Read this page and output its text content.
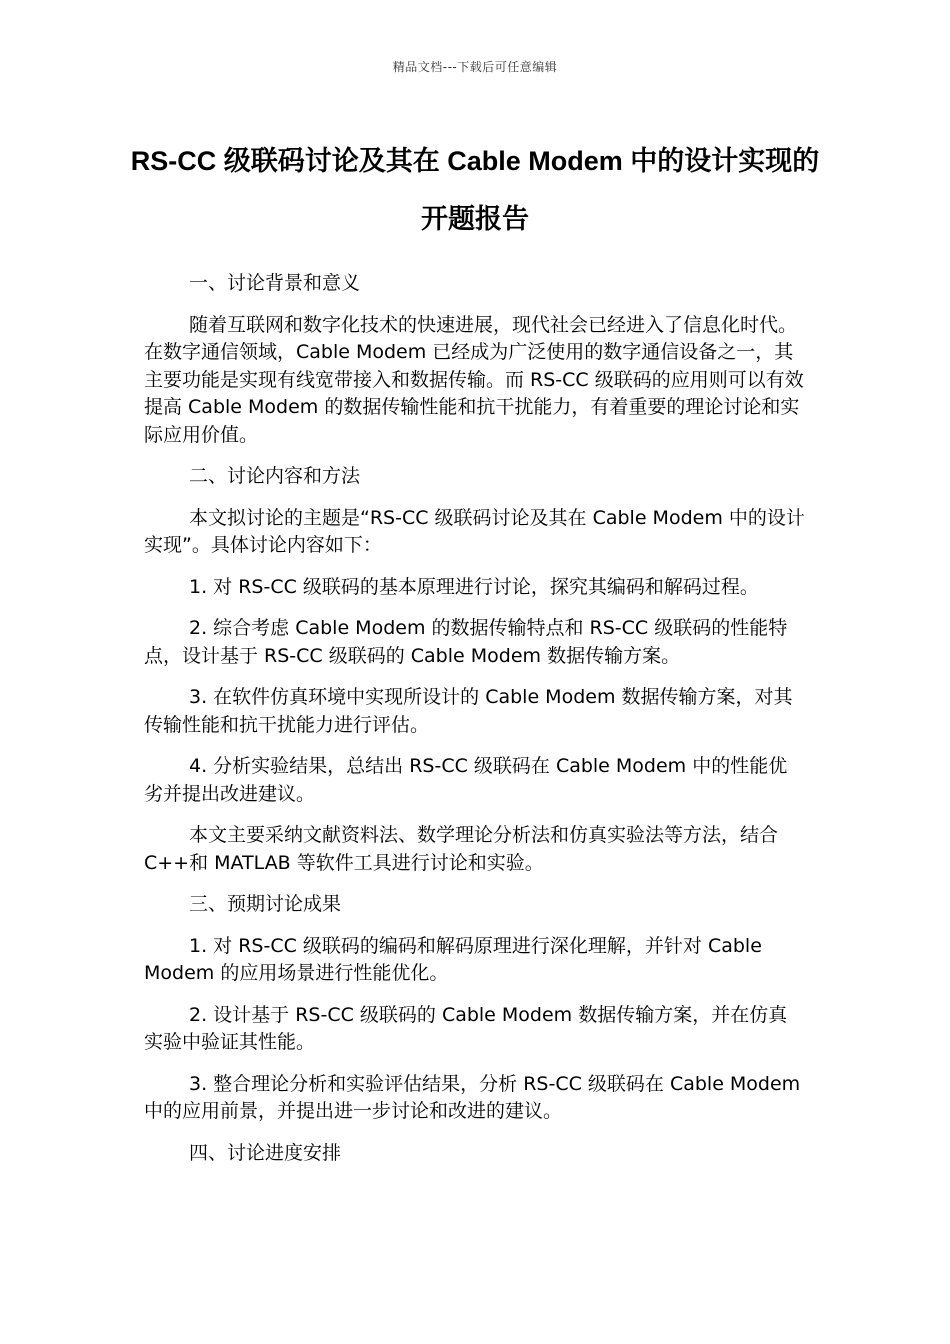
精品文档---下载后可任意编辑
RS-CC 级联码讨论及其在 Cable Modem 中的设计实现的开题报告

一、讨论背景和意义

随着互联网和数字化技术的快速进展，现代社会已经进入了信息化时代。在数字通信领域，Cable Modem 已经成为广泛使用的数字通信设备之一，其主要功能是实现有线宽带接入和数据传输。而 RS-CC 级联码的应用则可以有效提高 Cable Modem 的数据传输性能和抗干扰能力，有着重要的理论讨论和实际应用价值。

二、讨论内容和方法

本文拟讨论的主题是“RS-CC 级联码讨论及其在 Cable Modem 中的设计实现”。具体讨论内容如下：

1. 对 RS-CC 级联码的基本原理进行讨论，探究其编码和解码过程。

2. 综合考虑 Cable Modem 的数据传输特点和 RS-CC 级联码的性能特点，设计基于 RS-CC 级联码的 Cable Modem 数据传输方案。

3. 在软件仿真环境中实现所设计的 Cable Modem 数据传输方案，对其传输性能和抗干扰能力进行评估。

4. 分析实验结果，总结出 RS-CC 级联码在 Cable Modem 中的性能优劣并提出改进建议。

本文主要采纳文献资料法、数学理论分析法和仿真实验法等方法，结合 C++和 MATLAB 等软件工具进行讨论和实验。

三、预期讨论成果

1. 对 RS-CC 级联码的编码和解码原理进行深化理解，并针对 Cable Modem 的应用场景进行性能优化。

2. 设计基于 RS-CC 级联码的 Cable Modem 数据传输方案，并在仿真实验中验证其性能。

3. 整合理论分析和实验评估结果，分析 RS-CC 级联码在 Cable Modem 中的应用前景，并提出进一步讨论和改进的建议。

四、讨论进度安排
